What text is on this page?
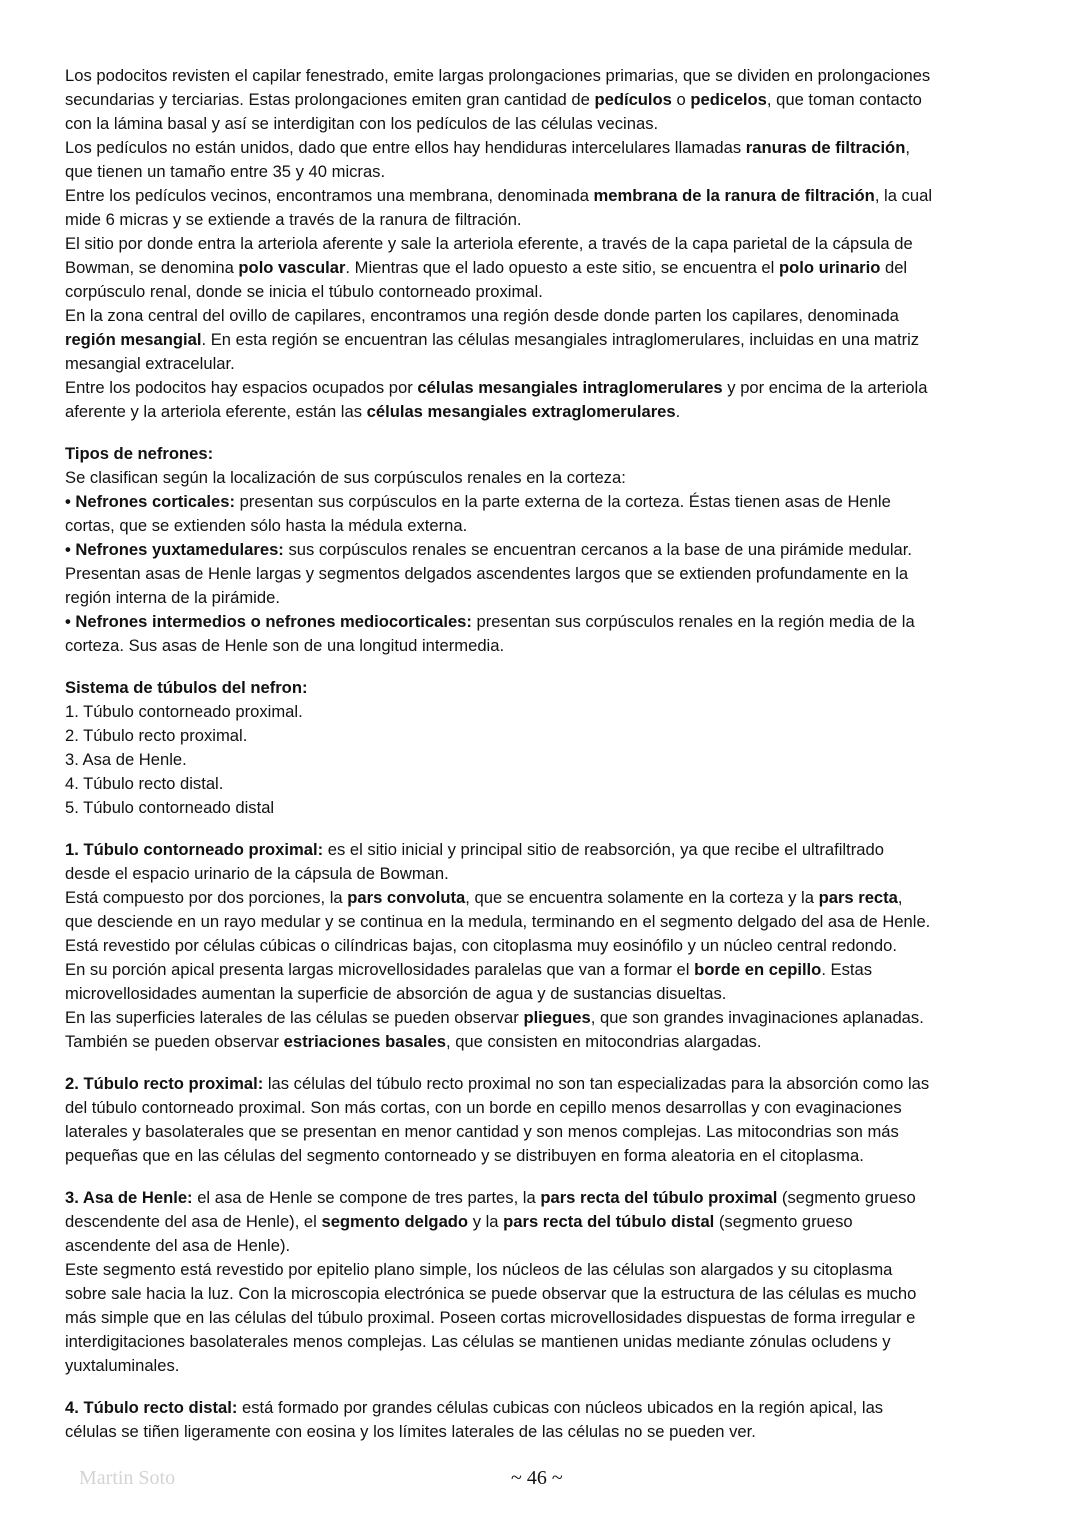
Los podocitos revisten el capilar fenestrado, emite largas prolongaciones primarias, que se dividen en prolongaciones
secundarias y terciarias. Estas prolongaciones emiten gran cantidad de pedículos o pedicelos, que toman contacto
con la lámina basal y así se interdigitan con los pedículos de las células vecinas.
Los pedículos no están unidos, dado que entre ellos hay hendiduras intercelulares llamadas ranuras de filtración,
que tienen un tamaño entre 35 y 40 micras.
Entre los pedículos vecinos, encontramos una membrana, denominada membrana de la ranura de filtración, la cual
mide 6 micras y se extiende a través de la ranura de filtración.
El sitio por donde entra la arteriola aferente y sale la arteriola eferente, a través de la capa parietal de la cápsula de
Bowman, se denomina polo vascular. Mientras que el lado opuesto a este sitio, se encuentra el polo urinario del
corpúsculo renal, donde se inicia el túbulo contorneado proximal.
En la zona central del ovillo de capilares, encontramos una región desde donde parten los capilares, denominada
región mesangial. En esta región se encuentran las células mesangiales intraglomerulares, incluidas en una matriz
mesangial extracelular.
Entre los podocitos hay espacios ocupados por células mesangiales intraglomerulares y por encima de la arteriola
aferente y la arteriola eferente, están las células mesangiales extraglomerulares.
Tipos de nefrones:
Se clasifican según la localización de sus corpúsculos renales en la corteza:
• Nefrones corticales: presentan sus corpúsculos en la parte externa de la corteza. Éstas tienen asas de Henle
cortas, que se extienden sólo hasta la médula externa.
• Nefrones yuxtamedulares: sus corpúsculos renales se encuentran cercanos a la base de una pirámide medular.
Presentan asas de Henle largas y segmentos delgados ascendentes largos que se extienden profundamente en la
región interna de la pirámide.
• Nefrones intermedios o nefrones mediocorticales: presentan sus corpúsculos renales en la región media de la
corteza. Sus asas de Henle son de una longitud intermedia.
Sistema de túbulos del nefron:
1. Túbulo contorneado proximal.
2. Túbulo recto proximal.
3. Asa de Henle.
4. Túbulo recto distal.
5. Túbulo contorneado distal
1. Túbulo contorneado proximal: es el sitio inicial y principal sitio de reabsorción, ya que recibe el ultrafiltrado
desde el espacio urinario de la cápsula de Bowman.
Está compuesto por dos porciones, la pars convoluta, que se encuentra solamente en la corteza y la pars recta,
que desciende en un rayo medular y se continua en la medula, terminando en el segmento delgado del asa de Henle.
Está revestido por células cúbicas o cilíndricas bajas, con citoplasma muy eosinófilo y un núcleo central redondo.
En su porción apical presenta largas microvellosidades paralelas que van a formar el borde en cepillo. Estas
microvellosidades aumentan la superficie de absorción de agua y de sustancias disueltas.
En las superficies laterales de las células se pueden observar pliegues, que son grandes invaginaciones aplanadas.
También se pueden observar estriaciones basales, que consisten en mitocondrias alargadas.
2. Túbulo recto proximal: las células del túbulo recto proximal no son tan especializadas para la absorción como las
del túbulo contorneado proximal. Son más cortas, con un borde en cepillo menos desarrollas y con evaginaciones
laterales y basolaterales que se presentan en menor cantidad y son menos complejas. Las mitocondrias son más
pequeñas que en las células del segmento contorneado y se distribuyen en forma aleatoria en el citoplasma.
3. Asa de Henle: el asa de Henle se compone de tres partes, la pars recta del túbulo proximal (segmento grueso
descendente del asa de Henle), el segmento delgado y la pars recta del túbulo distal (segmento grueso
ascendente del asa de Henle).
Este segmento está revestido por epitelio plano simple, los núcleos de las células son alargados y su citoplasma
sobre sale hacia la luz. Con la microscopia electrónica se puede observar que la estructura de las células es mucho
más simple que en las células del túbulo proximal. Poseen cortas microvellosidades dispuestas de forma irregular e
interdigitaciones basolaterales menos complejas. Las células se mantienen unidas mediante zónulas ocludens y
yuxtaluminales.
4. Túbulo recto distal: está formado por grandes células cubicas con núcleos ubicados en la región apical, las
células se tiñen ligeramente con eosina y los límites laterales de las células no se pueden ver.
Martin Soto	~ 46 ~
